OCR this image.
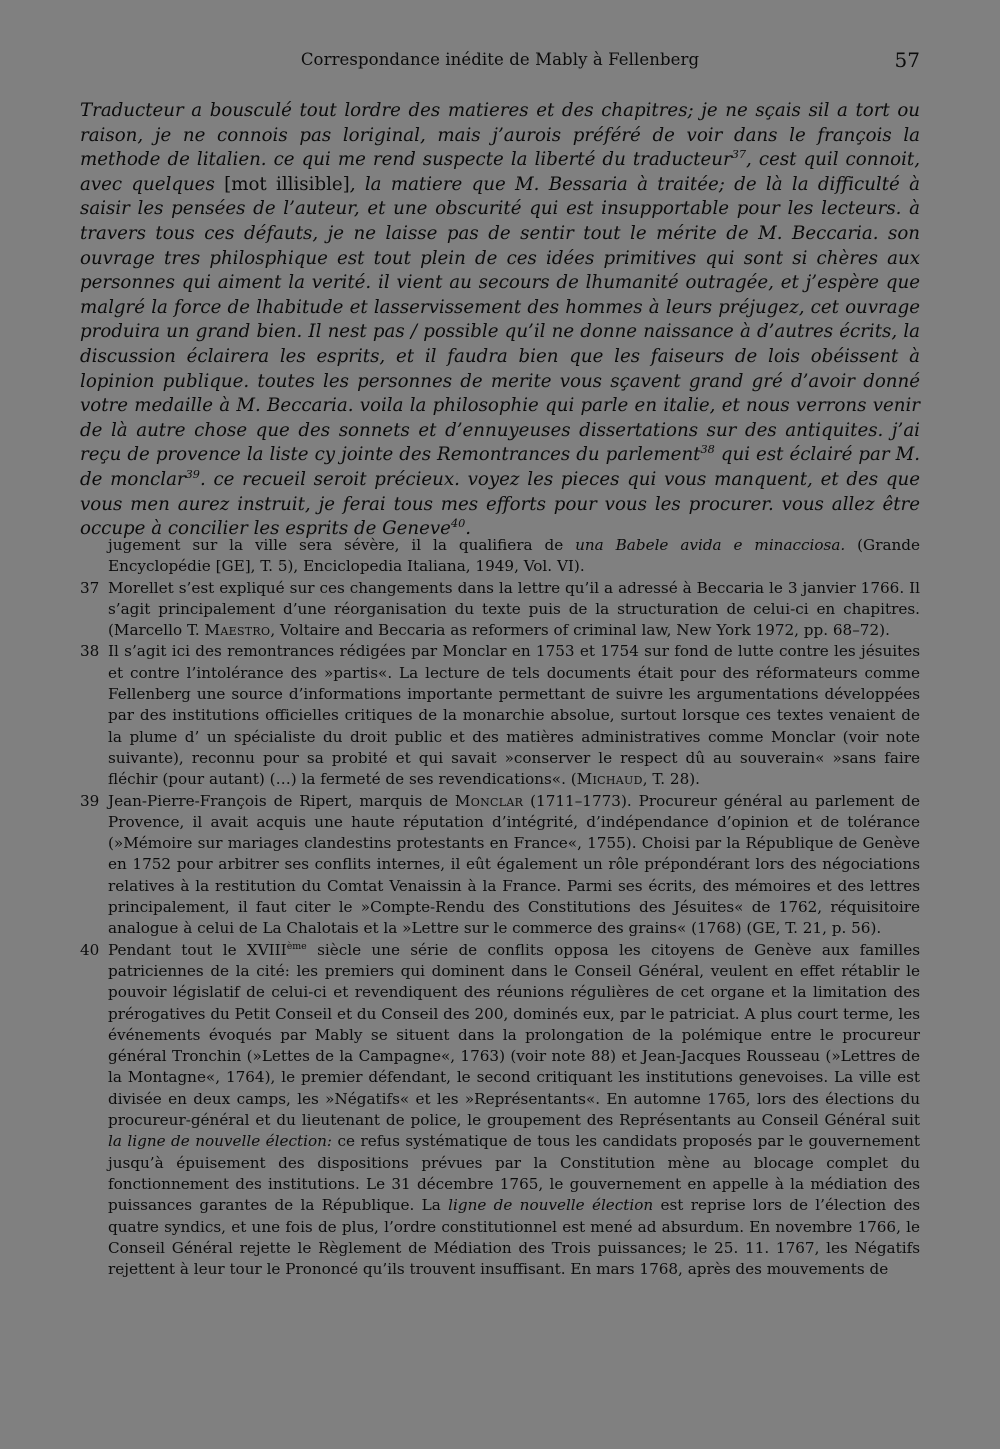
Correspondance inédite de Mably à Fellenberg	57

Traducteur a bousculé tout lordre des matieres et des chapitres; je ne sçais sil a tort ou raison, je ne connois pas loriginal, mais j’aurois préféré de voir dans le françois la methode de litalien. ce qui me rend suspecte la liberté du traducteur$^{37}$, cest quil connoit, avec quelques [mot illisible], la matiere que M. Bessaria à traitée; de là la difficulté à saisir les pensées de l’auteur, et une obscurité qui est insupportable pour les lecteurs. à travers tous ces défauts, je ne laisse pas de sentir tout le mérite de M. Beccaria. son ouvrage tres philosphique est tout plein de ces idées primitives qui sont si chères aux personnes qui aiment la verité. il vient au secours de lhumanité outragée, et j’espère que malgré la force de lhabitude et lasservissement des hommes à leurs préjugez, cet ouvrage produira un grand bien. Il nest pas / possible qu’il ne donne naissance à d’autres écrits, la discussion éclairera les esprits, et il faudra bien que les faiseurs de lois obéissent à lopinion publique. toutes les personnes de merite vous sçavent grand gré d’avoir donné votre medaille à M. Beccaria. voila la philosophie qui parle en italie, et nous verrons venir de là autre chose que des sonnets et d’ennuyeuses dissertations sur des antiquites. j’ai reçu de provence la liste cy jointe des Remontrances du parlement$^{38}$ qui est éclairé par M. de monclar$^{39}$. ce recueil seroit précieux. voyez les pieces qui vous manquent, et des que vous men aurez instruit, je ferai tous mes efforts pour vous les procurer. vous allez être occupe à concilier les esprits de Geneve$^{40}$.

jugement sur la ville sera sévère, il la qualifiera de una Babele avida e minacciosa. (Grande Encyclopédie [GE], T. 5), Enciclopedia Italiana, 1949, Vol. VI).
37 Morellet s’est expliqué sur ces changements dans la lettre qu’il a adressé à Beccaria le 3 janvier 1766. Il s’agit principalement d’une réorganisation du texte puis de la structuration de celui-ci en chapitres. (Marcello T. Maestro, Voltaire and Beccaria as reformers of criminal law, New York 1972, pp. 68–72).
38 Il s’agit ici des remontrances rédigées par Monclar en 1753 et 1754 sur fond de lutte contre les jésuites et contre l’intolérance des »partis«. La lecture de tels documents était pour des réformateurs comme Fellenberg une source d’informations importante permettant de suivre les argumentations développées par des institutions officielles critiques de la monarchie absolue, surtout lorsque ces textes venaient de la plume d’ un spécialiste du droit public et des matières administratives comme Monclar (voir note suivante), reconnu pour sa probité et qui savait »conserver le respect dû au souverain« »sans faire fléchir (pour autant) (…) la fermeté de ses revendications«. (Michaud, T. 28).
39 Jean-Pierre-François de Ripert, marquis de Monclar (1711–1773). Procureur général au parlement de Provence, il avait acquis une haute réputation d’intégrité, d’indépendance d’opinion et de tolérance (»Mémoire sur mariages clandestins protestants en France«, 1755). Choisi par la République de Genève en 1752 pour arbitrer ses conflits internes, il eût également un rôle prépondérant lors des négociations relatives à la restitution du Comtat Venaissin à la France. Parmi ses écrits, des mémoires et des lettres principalement, il faut citer le »Compte-Rendu des Constitutions des Jésuites« de 1762, réquisitoire analogue à celui de La Chalotais et la »Lettre sur le commerce des grains« (1768) (GE, T. 21, p. 56).
40 Pendant tout le XVIIIème siècle une série de conflits opposa les citoyens de Genève aux familles patriciennes de la cité: les premiers qui dominent dans le Conseil Général, veulent en effet rétablir le pouvoir législatif de celui-ci et revendiquent des réunions régulières de cet organe et la limitation des prérogatives du Petit Conseil et du Conseil des 200, dominés eux, par le patriciat. A plus court terme, les événements évoqués par Mably se situent dans la prolongation de la polémique entre le procureur général Tronchin (»Lettes de la Campagne«, 1763) (voir note 88) et Jean-Jacques Rousseau (»Lettres de la Montagne«, 1764), le premier défendant, le second critiquant les institutions genevoises. La ville est divisée en deux camps, les »Négatifs« et les »Représentants«. En automne 1765, lors des élections du procureur-général et du lieutenant de police, le groupement des Représentants au Conseil Général suit la ligne de nouvelle élection: ce refus systématique de tous les candidats proposés par le gouvernement jusqu’à épuisement des dispositions prévues par la Constitution mène au blocage complet du fonctionnement des institutions. Le 31 décembre 1765, le gouvernement en appelle à la médiation des puissances garantes de la République. La ligne de nouvelle élection est reprise lors de l’élection des quatre syndics, et une fois de plus, l’ordre constitutionnel est mené ad absurdum. En novembre 1766, le Conseil Général rejette le Règlement de Médiation des Trois puissances; le 25. 11. 1767, les Négatifs rejettent à leur tour le Prononcé qu’ils trouvent insuffisant. En mars 1768, après des mouvements de
